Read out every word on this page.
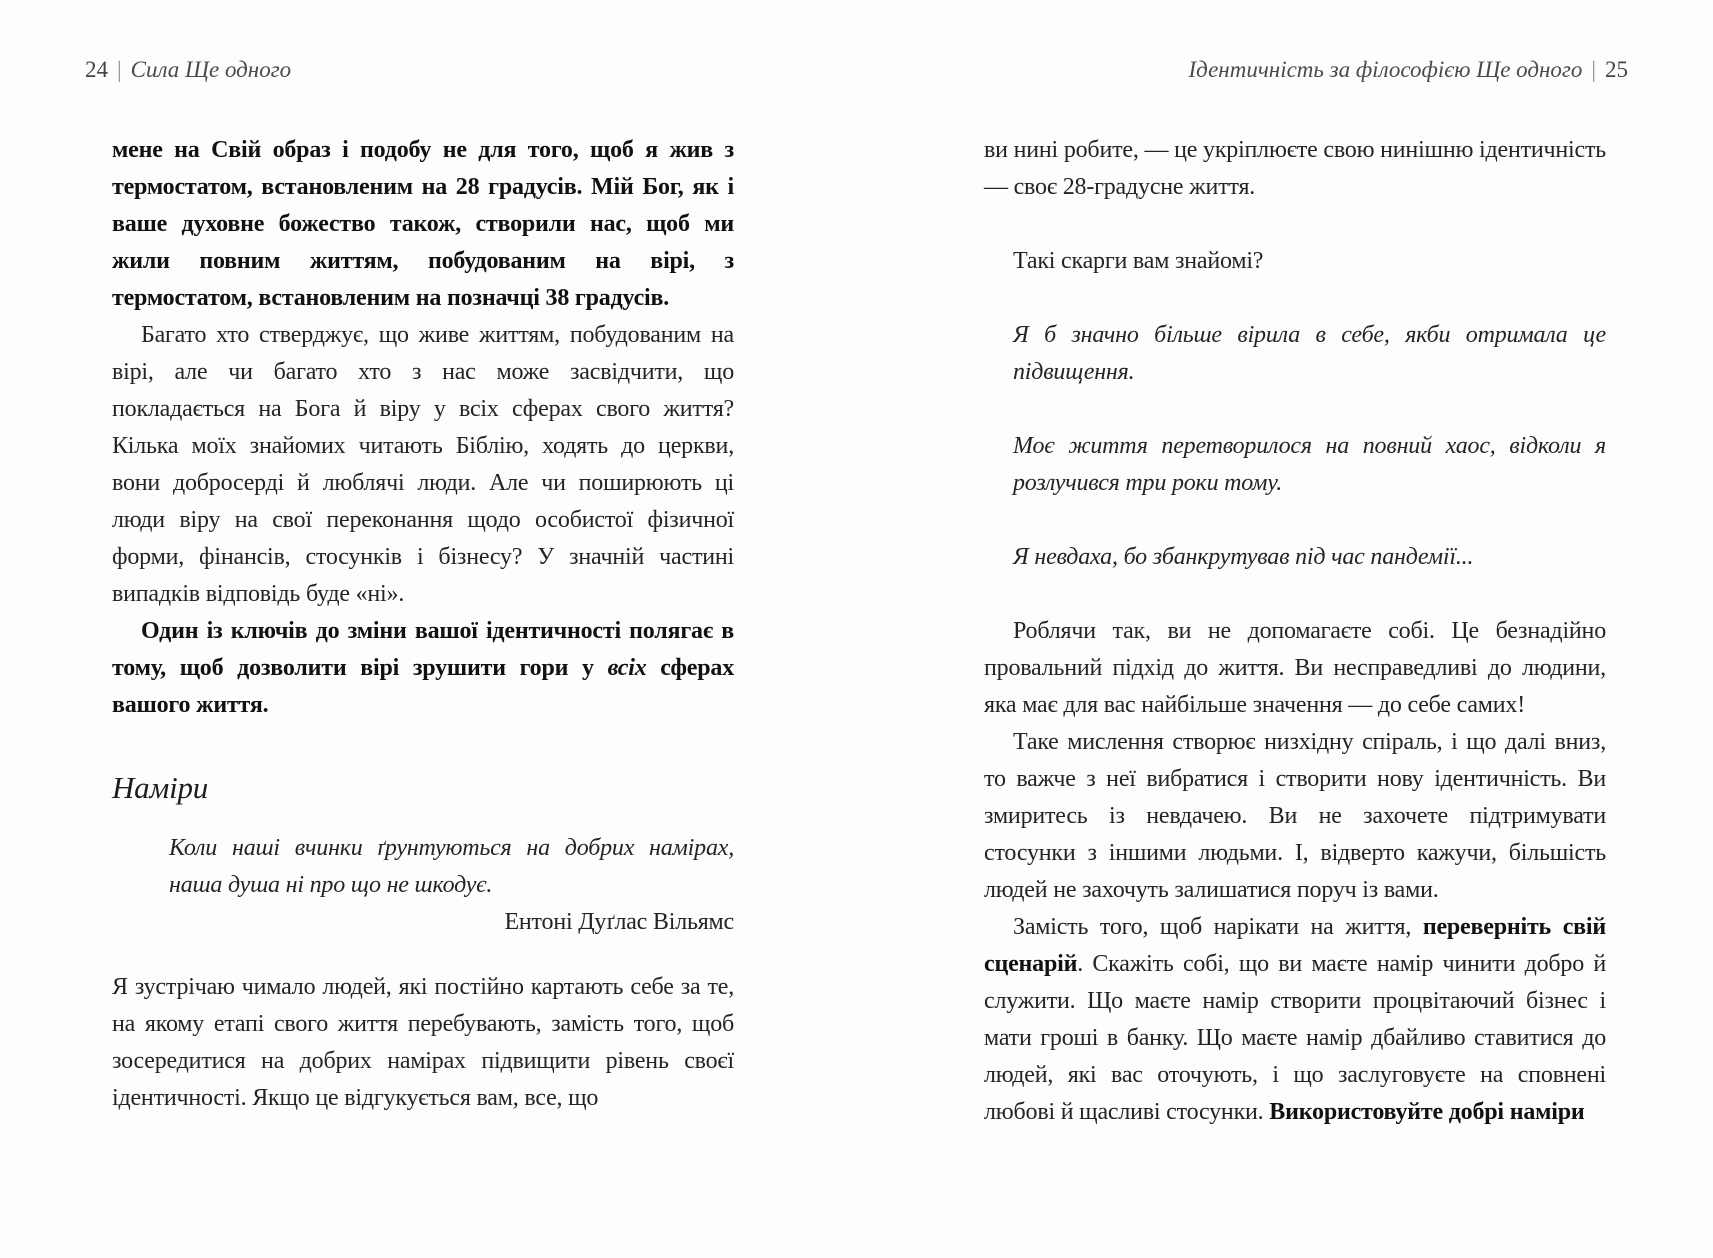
24 | Сила Ще одного	Ідентичність за філософією Ще одного | 25

мене на Свій образ і подобу не для того, щоб я жив з термостатом, встановленим на 28 градусів. Мій Бог, як і ваше духовне божество також, створили нас, щоб ми жили повним життям, побудованим на вірі, з термостатом, встановленим на позначці 38 градусів.

Багато хто стверджує, що живе життям, побудованим на вірі, але чи багато хто з нас може засвідчити, що покладається на Бога й віру у всіх сферах свого життя? Кілька моїх знайомих читають Біблію, ходять до церкви, вони добросерді й люблячі люди. Але чи поширюють ці люди віру на свої переконання щодо особистої фізичної форми, фінансів, стосунків і бізнесу? У значній частині випадків відповідь буде «ні».

Один із ключів до зміни вашої ідентичності полягає в тому, щоб дозволити вірі зрушити гори у всіх сферах вашого життя.

Наміри

Коли наші вчинки ґрунтуються на добрих намірах, наша душа ні про що не шкодує.

Ентоні Дуґлас Вільямс

Я зустрічаю чимало людей, які постійно картають себе за те, на якому етапі свого життя перебувають, замість того, щоб зосередитися на добрих намірах підвищити рівень своєї ідентичності. Якщо це відгукується вам, все, що

ви нині робите, — це укріплюєте свою нинішню ідентичність — своє 28-градусне життя.

Такі скарги вам знайомі?

Я б значно більше вірила в себе, якби отримала це підвищення.

Моє життя перетворилося на повний хаос, відколи я розлучився три роки тому.

Я невдаха, бо збанкрутував під час пандемії...

Роблячи так, ви не допомагаєте собі. Це безнадійно провальний підхід до життя. Ви несправедливі до людини, яка має для вас найбільше значення — до себе самих!

Таке мислення створює низхідну спіраль, і що далі вниз, то важче з неї вибратися і створити нову ідентичність. Ви змиритесь із невдачею. Ви не захочете підтримувати стосунки з іншими людьми. І, відверто кажучи, більшість людей не захочуть залишатися поруч із вами.

Замість того, щоб нарікати на життя, переверніть свій сценарій. Скажіть собі, що ви маєте намір чинити добро й служити. Що маєте намір створити процвітаючий бізнес і мати гроші в банку. Що маєте намір дбайливо ставитися до людей, які вас оточують, і що заслуговуєте на сповнені любові й щасливі стосунки. Використовуйте добрі наміри
